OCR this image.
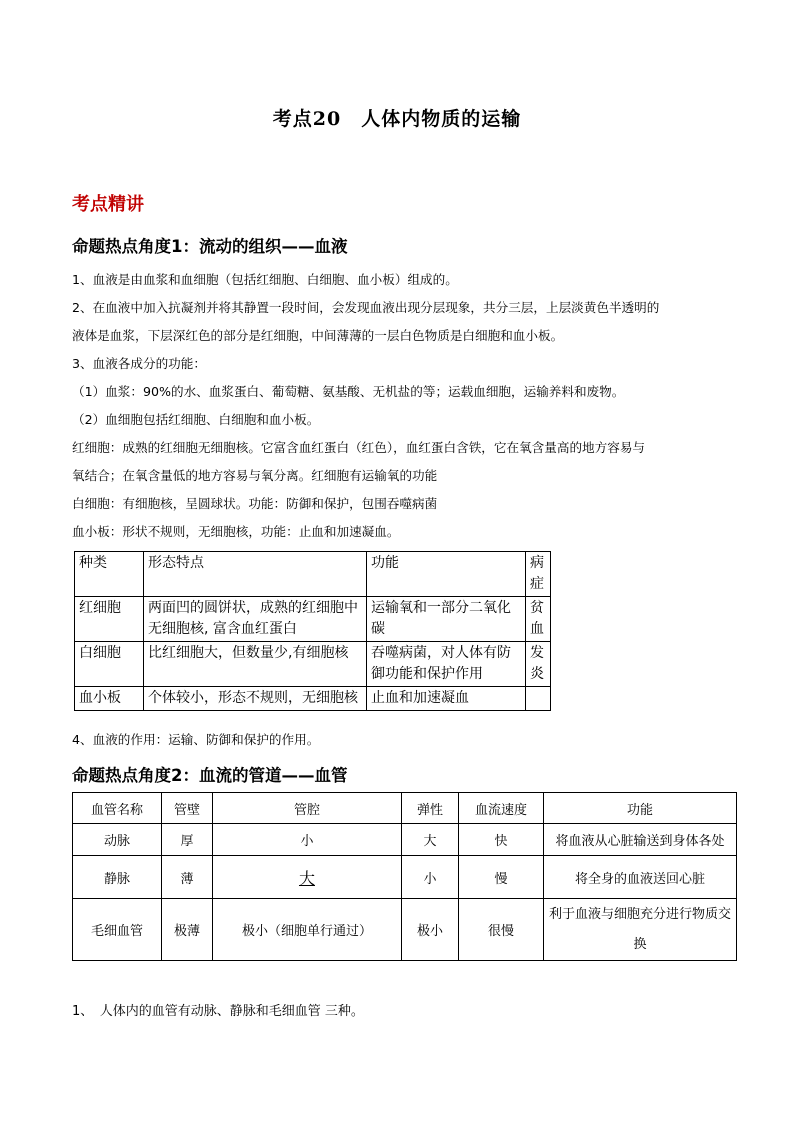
考点20　人体内物质的运输
考点精讲
命题热点角度1：流动的组织——血液

1、血液是由血浆和血细胞（包括红细胞、白细胞、血小板）组成的。

2、在血液中加入抗凝剂并将其静置一段时间，会发现血液出现分层现象，共分三层，上层淡黄色半透明的

液体是血浆，下层深红色的部分是红细胞，中间薄薄的一层白色物质是白细胞和血小板。

3、血液各成分的功能：

（1）血浆：90%的水、血浆蛋白、葡萄糖、氨基酸、无机盐的等；运载血细胞，运输养料和废物。

（2）血细胞包括红细胞、白细胞和血小板。

红细胞：成熟的红细胞无细胞核。它富含血红蛋白（红色），血红蛋白含铁，它在氧含量高的地方容易与

氧结合；在氧含量低的地方容易与氧分离。红细胞有运输氧的功能

白细胞：有细胞核，呈圆球状。功能：防御和保护，包围吞噬病菌

血小板：形状不规则，无细胞核，功能：止血和加速凝血。

种类	形态特点	功能	病症
红细胞	两面凹的圆饼状，成熟的红细胞中无细胞核, 富含血红蛋白	运输氧和一部分二氧化碳	贫血
白细胞	比红细胞大，但数量少,有细胞核	吞噬病菌，对人体有防御功能和保护作用	发炎
血小板	个体较小，形态不规则，无细胞核	止血和加速凝血	
4、血液的作用：运输、防御和保护的作用。
命题热点角度2：血流的管道——血管
血管名称	管壁	管腔	弹性	血流速度	功能
动脉	厚	小	大	快	将血液从心脏输送到身体各处
静脉	薄	大	小	慢	将全身的血液送回心脏
毛细血管	极薄	极小（细胞单行通过）	极小	很慢	利于血液与细胞充分进行物质交换
1、　人体内的血管有动脉、静脉和毛细血管 三种。
